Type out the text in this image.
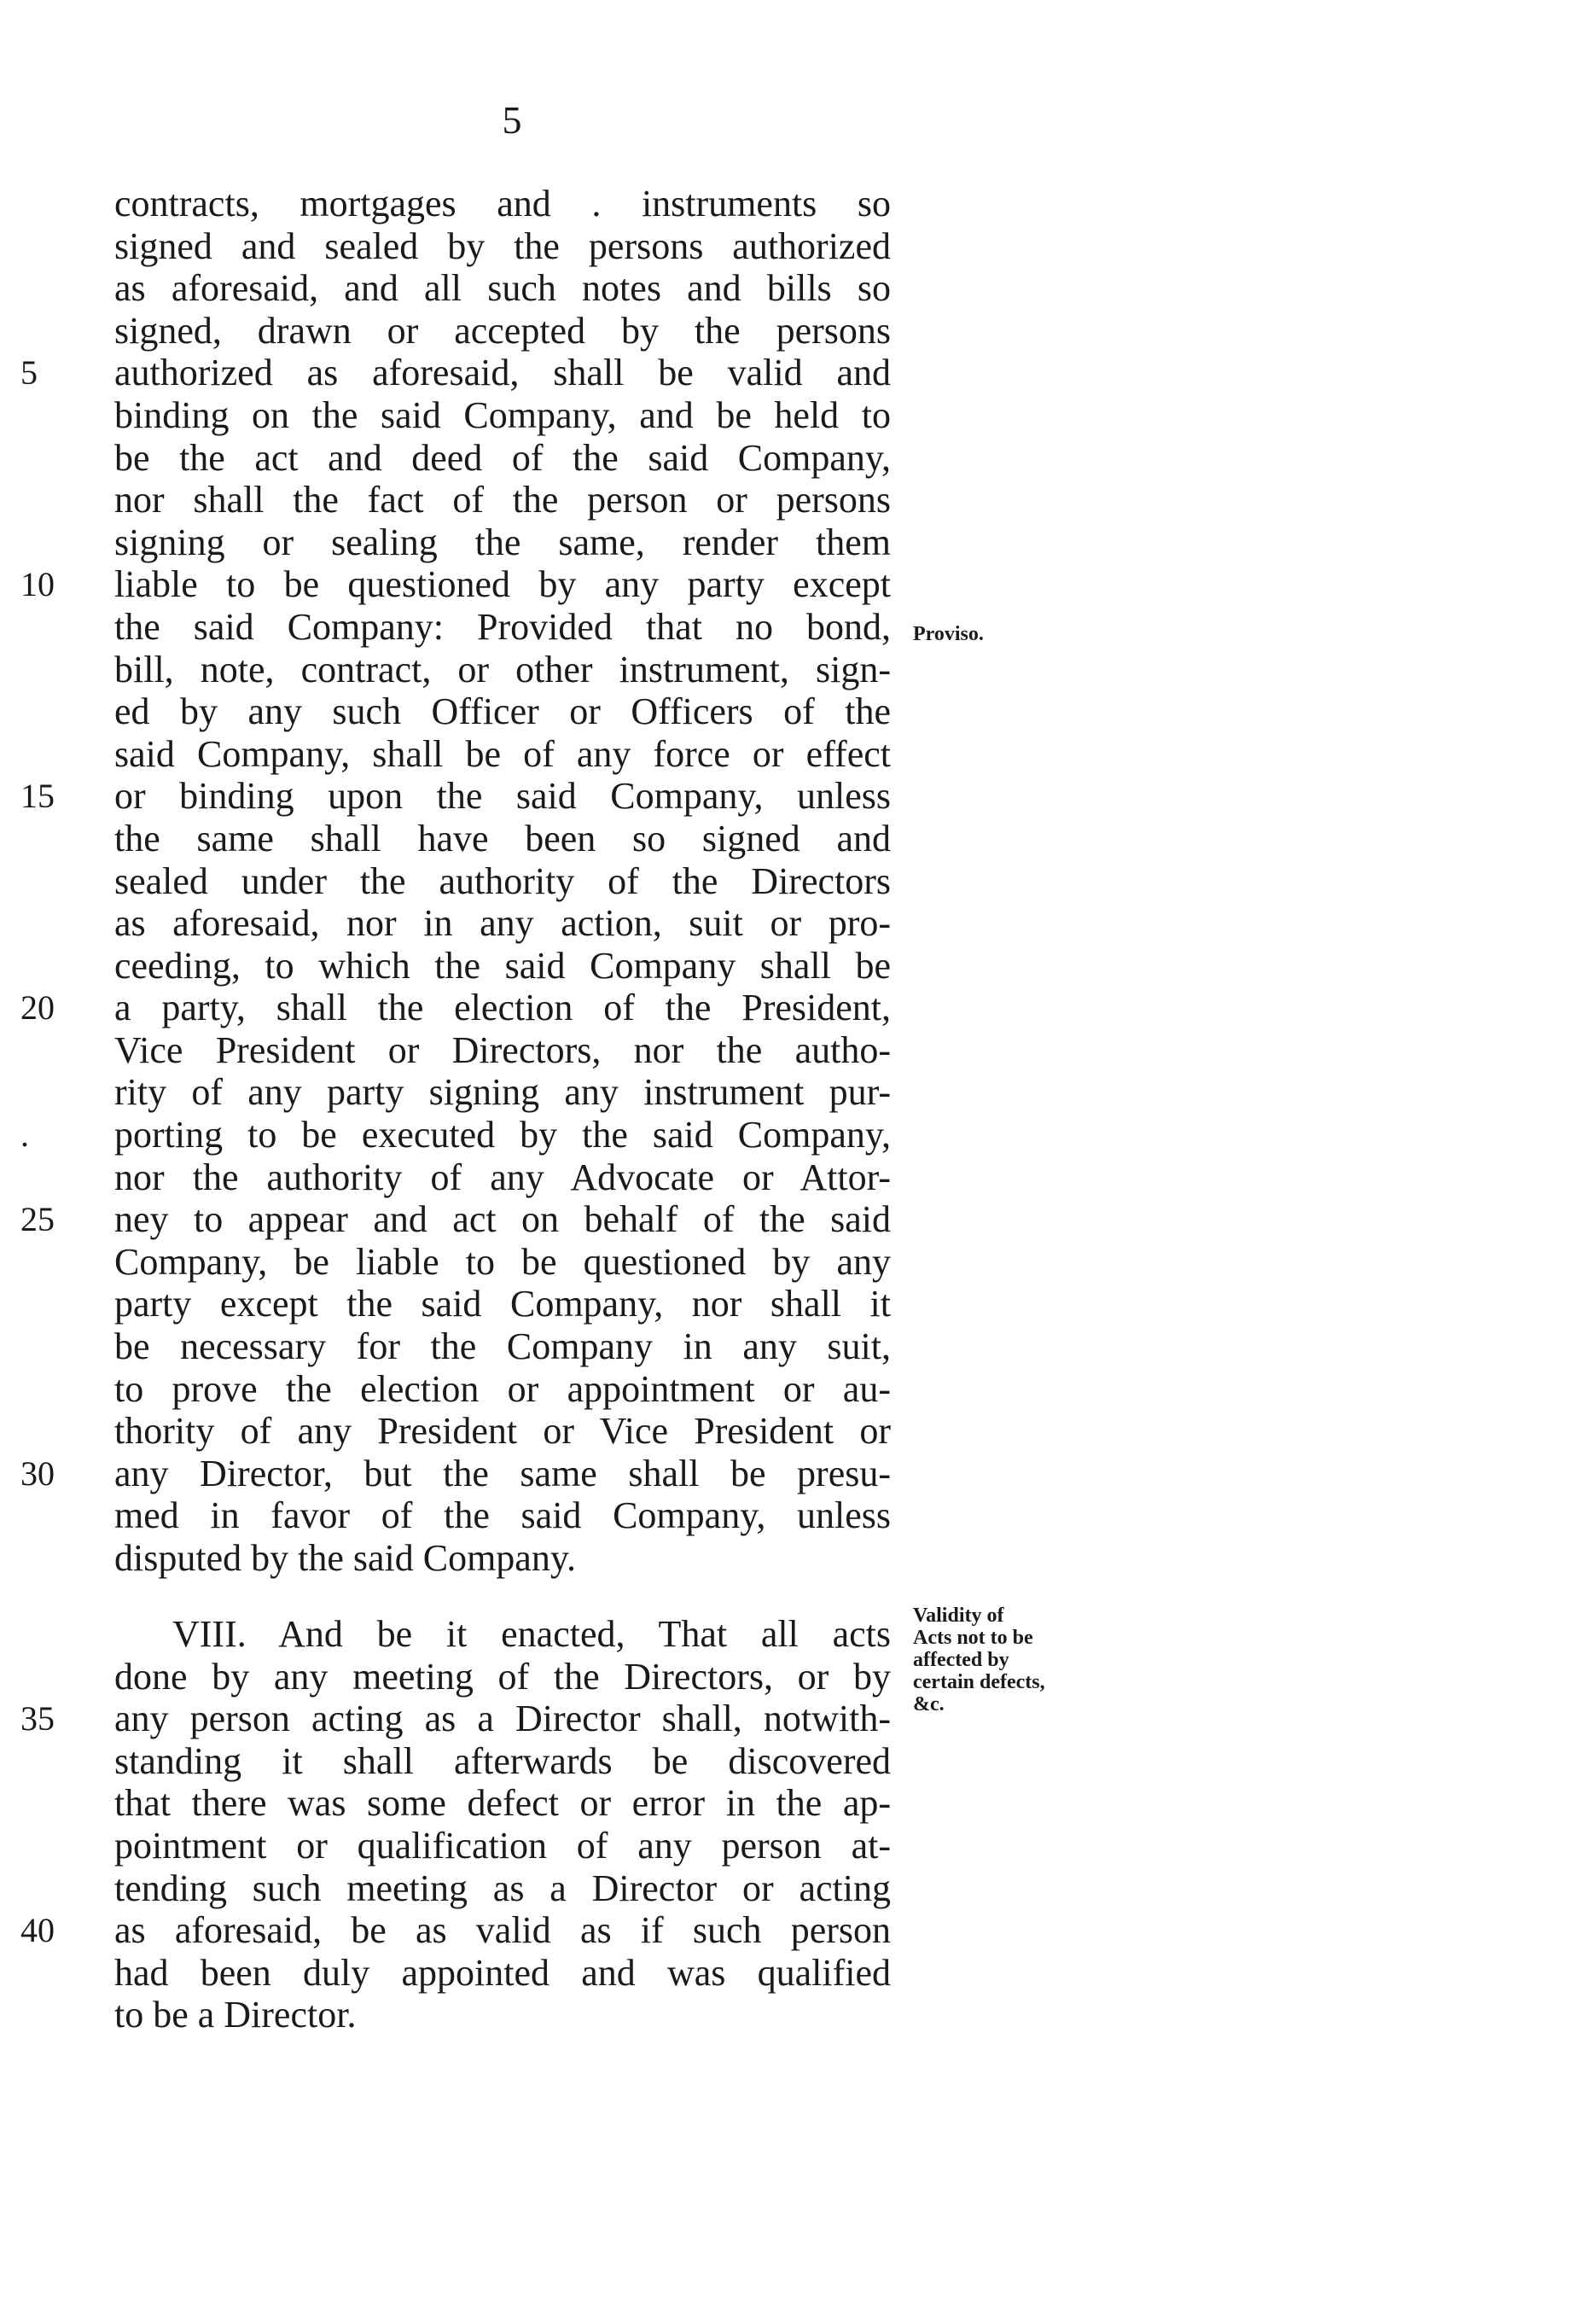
5
contracts, mortgages and . instruments so
signed and sealed by the persons authorized
as aforesaid, and all such notes and bills so
signed, drawn or accepted by the persons
5	authorized as aforesaid, shall be valid and
binding on the said Company, and be held to
be the act and deed of the said Company,
nor shall the fact of the person or persons
signing or sealing the same, render them
10	liable to be questioned by any party except
the said Company: Provided that no bond,
bill, note, contract, or other instrument, sign-
ed by any such Officer or Officers of the
said Company, shall be of any force or effect
15	or binding upon the said Company, unless
the same shall have been so signed and
sealed under the authority of the Directors
as aforesaid, nor in any action, suit or pro-
ceeding, to which the said Company shall be
20	a party, shall the election of the President,
Vice President or Directors, nor the autho-
rity of any party signing any instrument pur-
.	porting to be executed by the said Company,
nor the authority of any Advocate or Attor-
25	ney to appear and act on behalf of the said
Company, be liable to be questioned by any
party except the said Company, nor shall it
be necessary for the Company in any suit,
to prove the election or appointment or au-
thority of any President or Vice President or
30	any Director, but the same shall be presu-
med in favor of the said Company, unless
disputed by the said Company.
Proviso.
VIII. And be it enacted, That all acts
done by any meeting of the Directors, or by
35	any person acting as a Director shall, notwith-
standing it shall afterwards be discovered
that there was some defect or error in the ap-
pointment or qualification of any person at-
tending such meeting as a Director or acting
40	as aforesaid, be as valid as if such person
had been duly appointed and was qualified
to be a Director.
Validity of
Acts not to be
affected by
certain defects,
&c.
